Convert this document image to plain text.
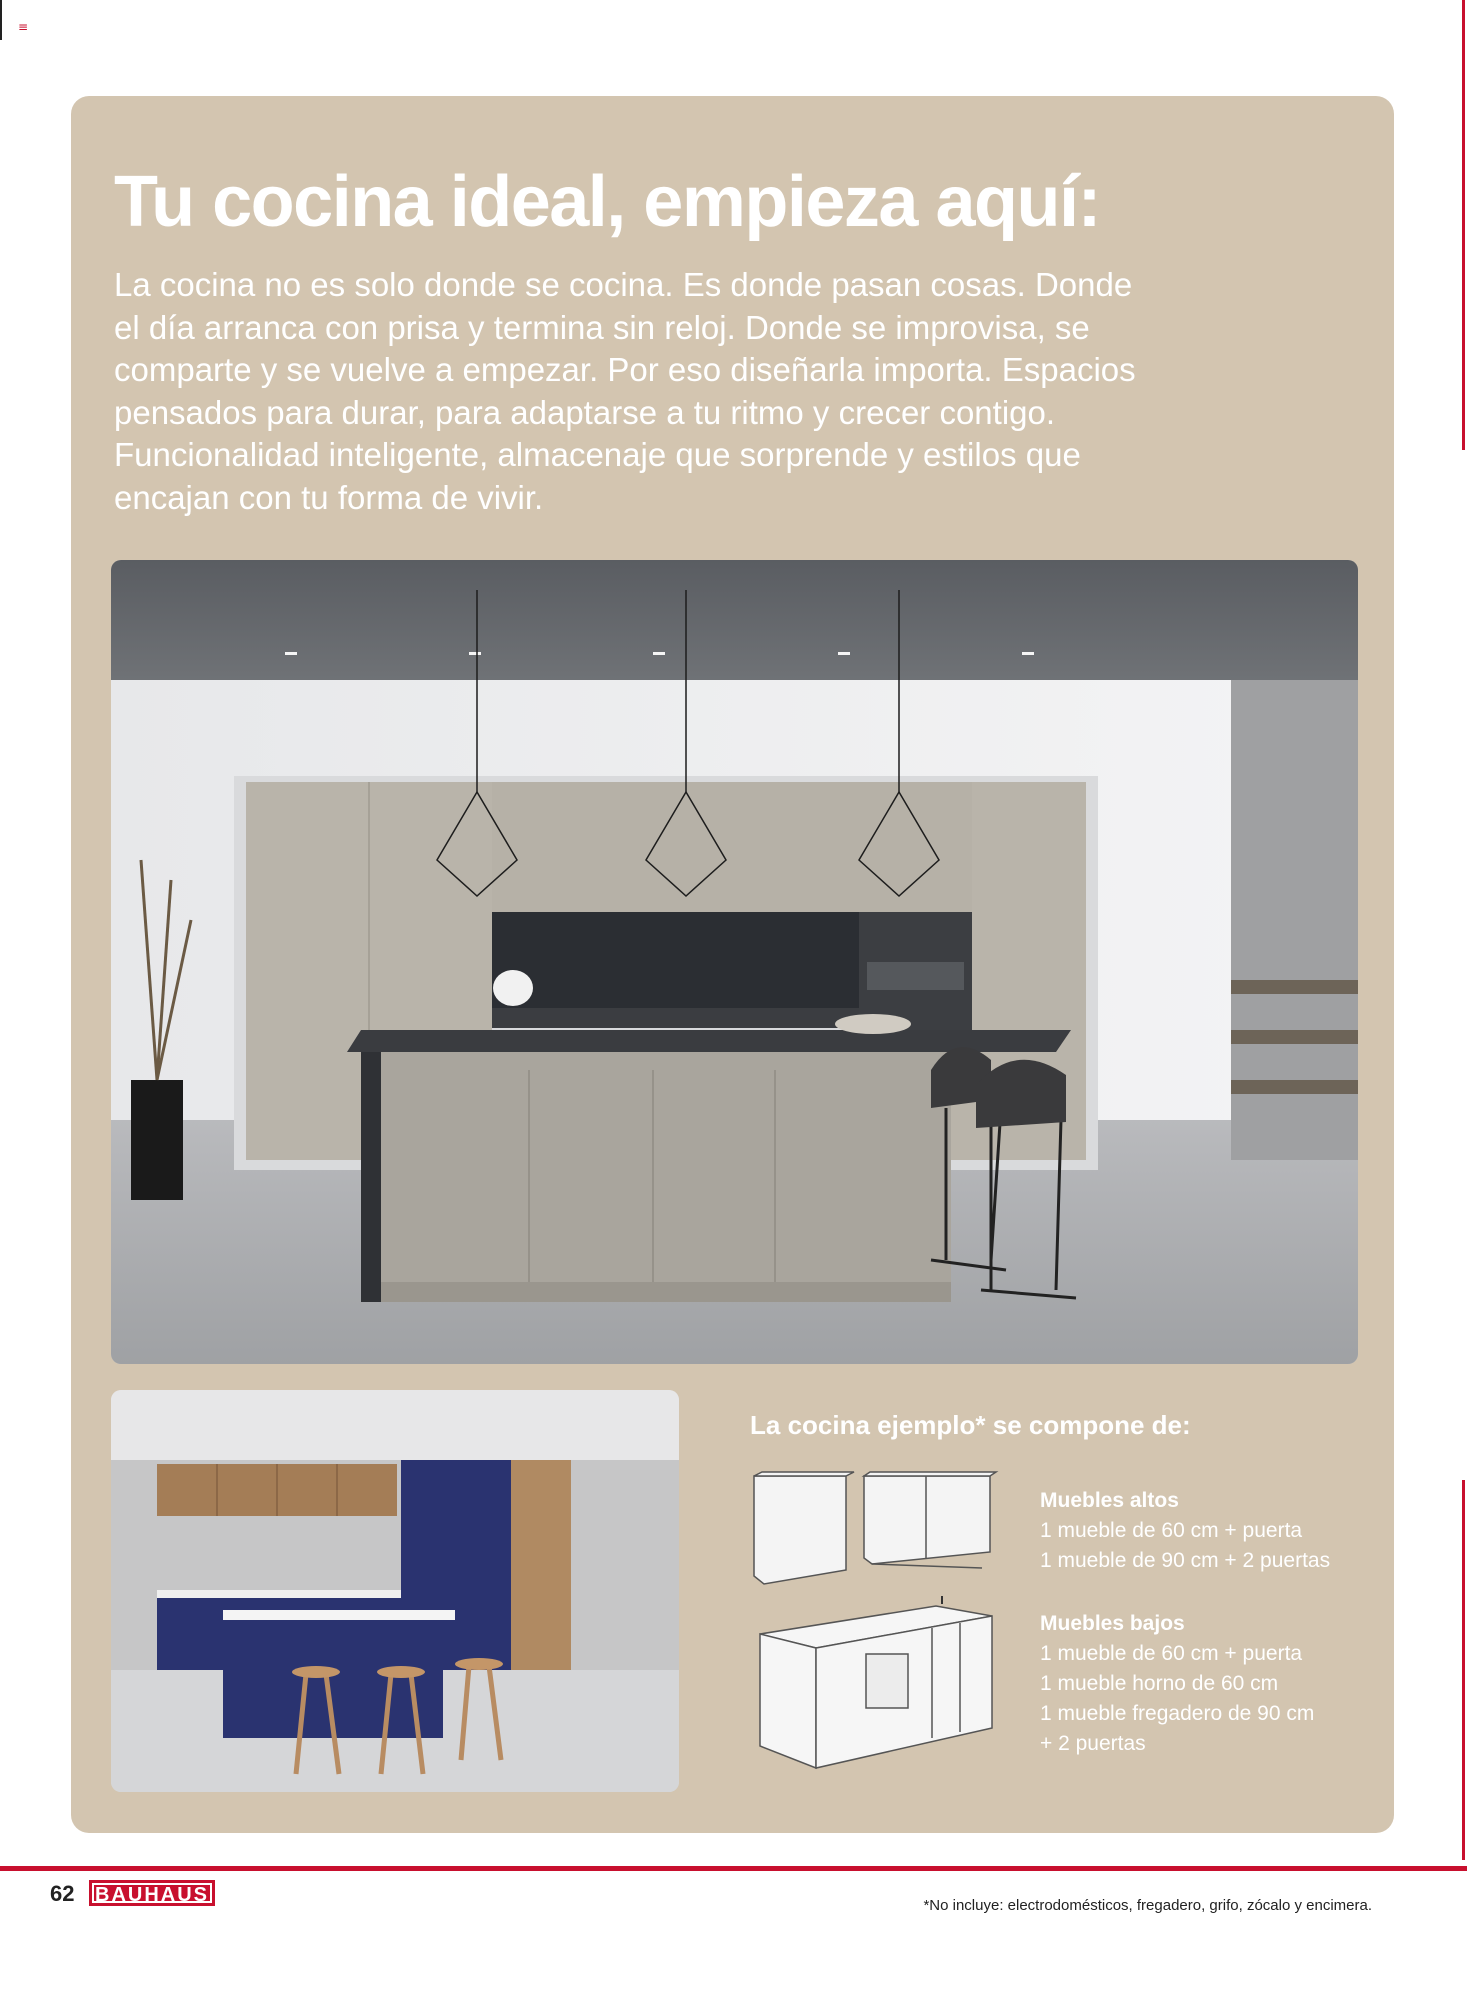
≡
Tu cocina ideal, empieza aquí:
La cocina no es solo donde se cocina. Es donde pasan cosas. Donde
el día arranca con prisa y termina sin reloj. Donde se improvisa, se
comparte y se vuelve a empezar. Por eso diseñarla importa. Espacios
pensados para durar, para adaptarse a tu ritmo y crecer contigo.
Funcionalidad inteligente, almacenaje que sorprende y estilos que
encajan con tu forma de vivir.
La cocina ejemplo* se compone de:
Muebles altos
1 mueble de 60 cm + puerta
1 mueble de 90 cm + 2 puertas
Muebles bajos
1 mueble de 60 cm + puerta
1 mueble horno de 60 cm
1 mueble fregadero de 90 cm
+ 2 puertas
62	BAUHAUS	*No incluye: electrodomésticos, fregadero, grifo, zócalo y encimera.
